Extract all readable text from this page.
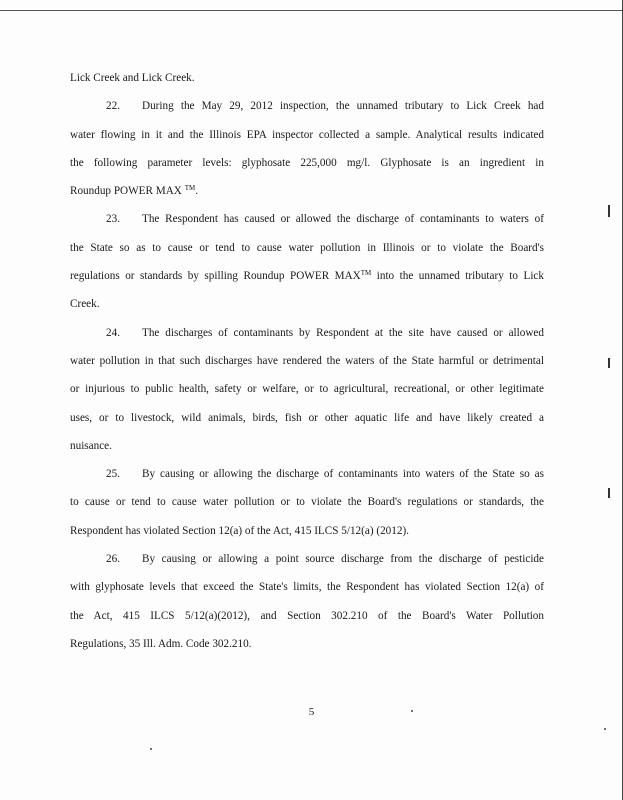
Lick Creek and Lick Creek.
22. During the May 29, 2012 inspection, the unnamed tributary to Lick Creek had
water flowing in it and the Illinois EPA inspector collected a sample. Analytical results indicated
the following parameter levels: glyphosate 225,000 mg/l. Glyphosate is an ingredient in
Roundup POWER MAX ™.
23. The Respondent has caused or allowed the discharge of contaminants to waters of
the State so as to cause or tend to cause water pollution in Illinois or to violate the Board's
regulations or standards by spilling Roundup POWER MAX™ into the unnamed tributary to Lick
Creek.
24. The discharges of contaminants by Respondent at the site have caused or allowed
water pollution in that such discharges have rendered the waters of the State harmful or detrimental
or injurious to public health, safety or welfare, or to agricultural, recreational, or other legitimate
uses, or to livestock, wild animals, birds, fish or other aquatic life and have likely created a
nuisance.
25. By causing or allowing the discharge of contaminants into waters of the State so as
to cause or tend to cause water pollution or to violate the Board's regulations or standards, the
Respondent has violated Section 12(a) of the Act, 415 ILCS 5/12(a) (2012).
26. By causing or allowing a point source discharge from the discharge of pesticide
with glyphosate levels that exceed the State's limits, the Respondent has violated Section 12(a) of
the Act, 415 ILCS 5/12(a)(2012), and Section 302.210 of the Board's Water Pollution
Regulations, 35 Ill. Adm. Code 302.210.
5
